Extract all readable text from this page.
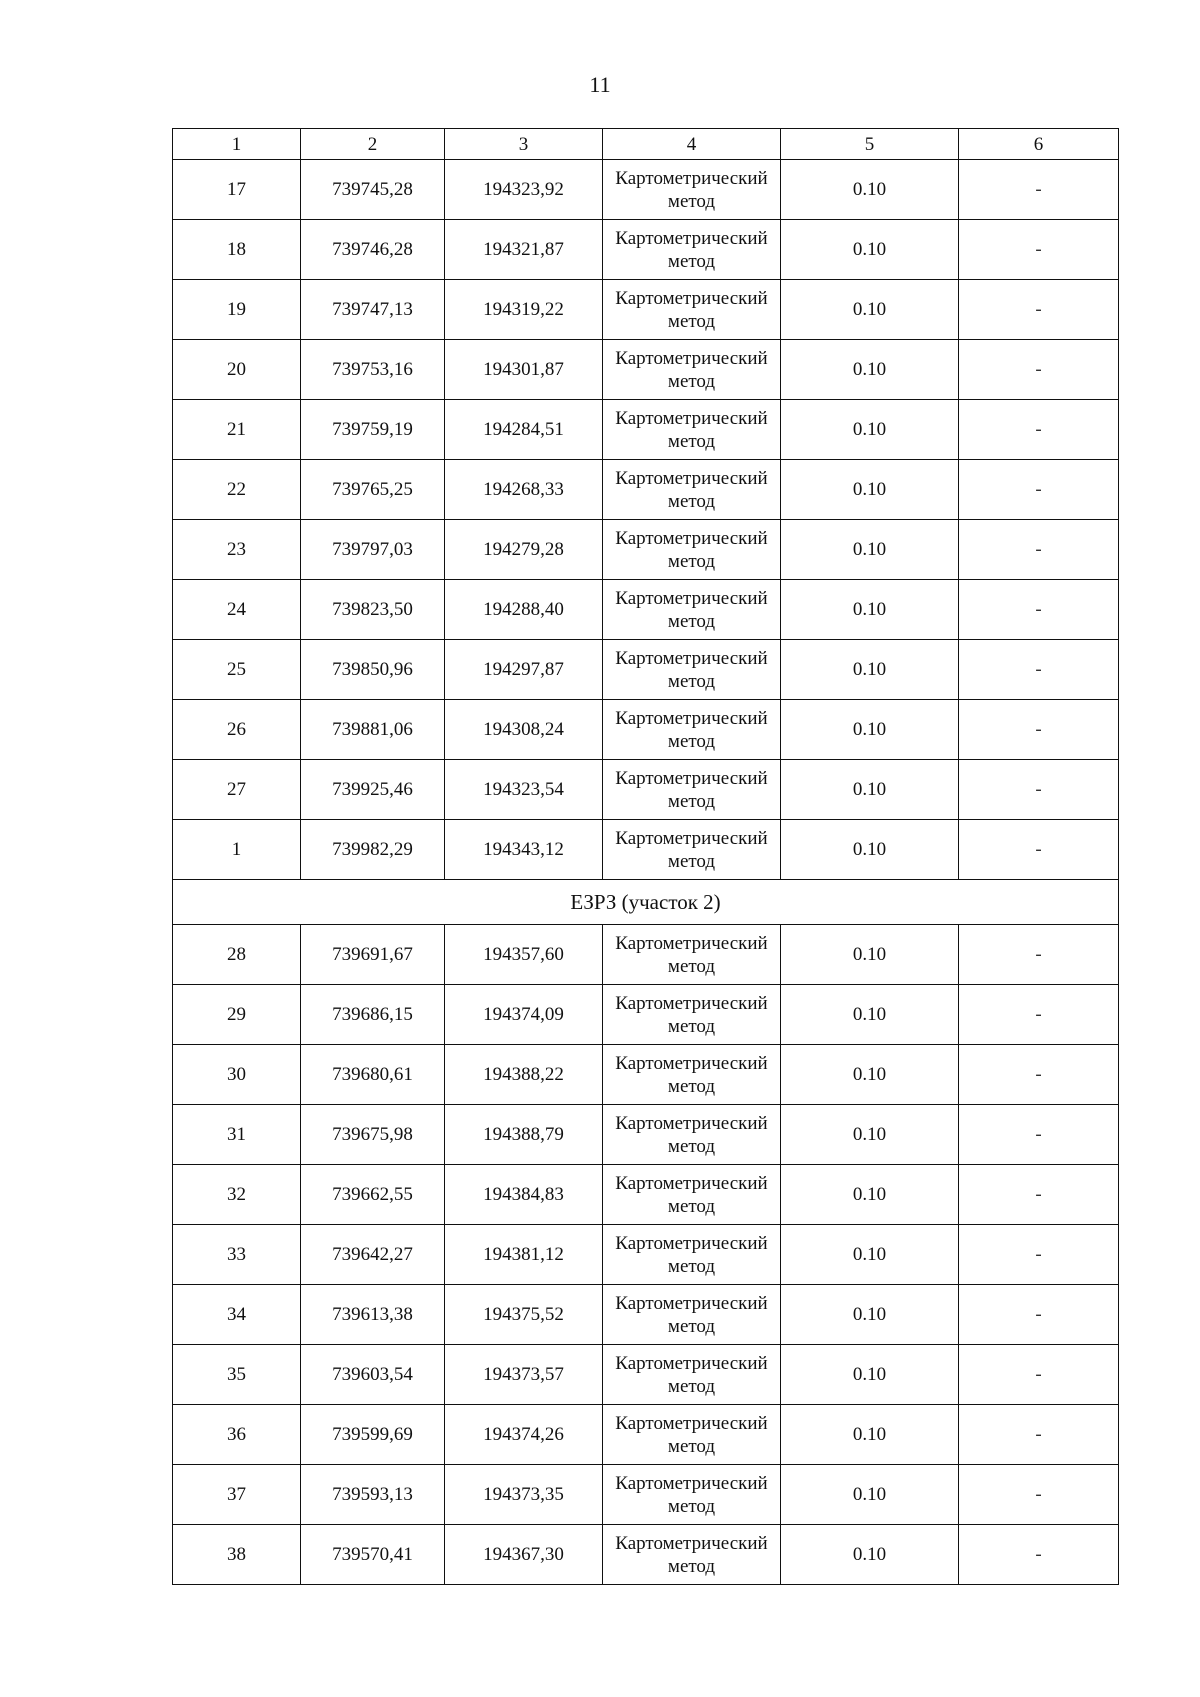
11
1	2	3	4	5	6
17	739745,28	194323,92	Картометрический метод	0.10	-
18	739746,28	194321,87	Картометрический метод	0.10	-
19	739747,13	194319,22	Картометрический метод	0.10	-
20	739753,16	194301,87	Картометрический метод	0.10	-
21	739759,19	194284,51	Картометрический метод	0.10	-
22	739765,25	194268,33	Картометрический метод	0.10	-
23	739797,03	194279,28	Картометрический метод	0.10	-
24	739823,50	194288,40	Картометрический метод	0.10	-
25	739850,96	194297,87	Картометрический метод	0.10	-
26	739881,06	194308,24	Картометрический метод	0.10	-
27	739925,46	194323,54	Картометрический метод	0.10	-
1	739982,29	194343,12	Картометрический метод	0.10	-
ЕЗРЗ (участок 2)					
28	739691,67	194357,60	Картометрический метод	0.10	-
29	739686,15	194374,09	Картометрический метод	0.10	-
30	739680,61	194388,22	Картометрический метод	0.10	-
31	739675,98	194388,79	Картометрический метод	0.10	-
32	739662,55	194384,83	Картометрический метод	0.10	-
33	739642,27	194381,12	Картометрический метод	0.10	-
34	739613,38	194375,52	Картометрический метод	0.10	-
35	739603,54	194373,57	Картометрический метод	0.10	-
36	739599,69	194374,26	Картометрический метод	0.10	-
37	739593,13	194373,35	Картометрический метод	0.10	-
38	739570,41	194367,30	Картометрический метод	0.10	-
